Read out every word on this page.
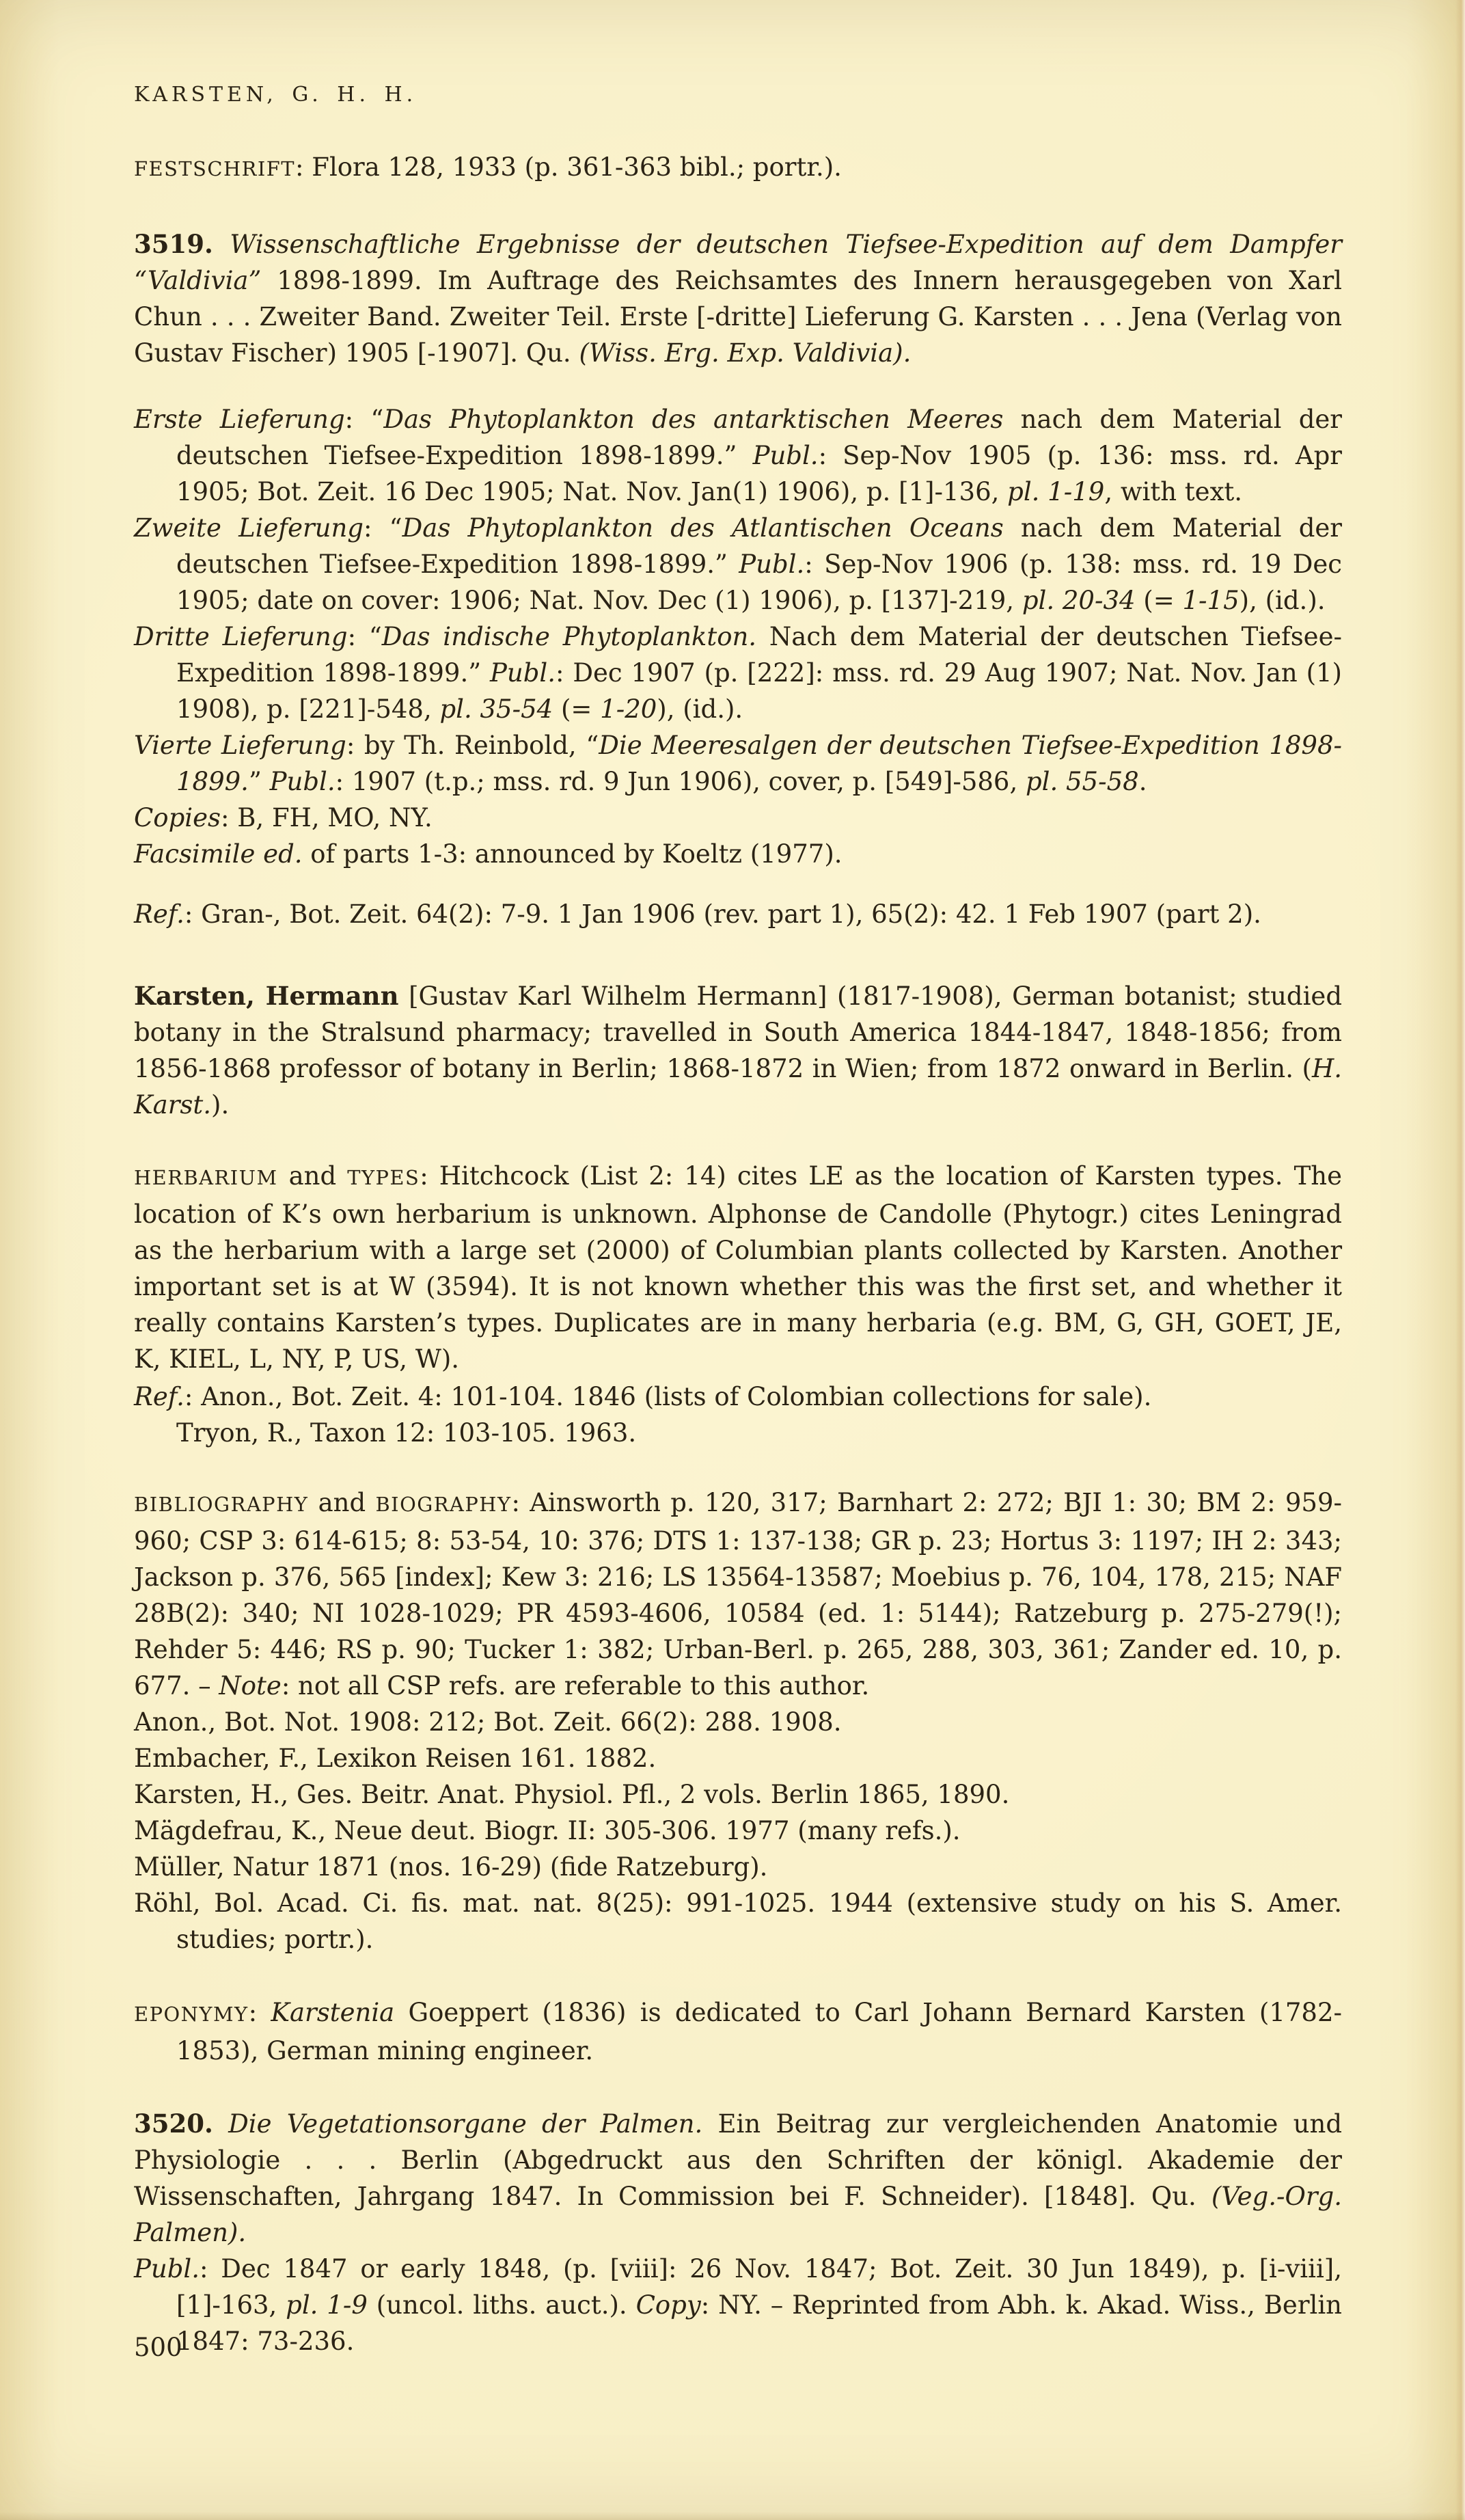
KARSTEN, G. H. H.
FESTSCHRIFT: Flora 128, 1933 (p. 361-363 bibl.; portr.).
3519. Wissenschaftliche Ergebnisse der deutschen Tiefsee-Expedition auf dem Dampfer “Valdivia” 1898-1899. Im Auftrage des Reichsamtes des Innern herausgegeben von Xarl Chun . . . Zweiter Band. Zweiter Teil. Erste [-dritte] Lieferung G. Karsten . . . Jena (Verlag von Gustav Fischer) 1905 [-1907]. Qu. (Wiss. Erg. Exp. Valdivia).
Erste Lieferung: “Das Phytoplankton des antarktischen Meeres nach dem Material der deutschen Tiefsee-Expedition 1898-1899.” Publ.: Sep-Nov 1905 (p. 136: mss. rd. Apr 1905; Bot. Zeit. 16 Dec 1905; Nat. Nov. Jan(1) 1906), p. [1]-136, pl. 1-19, with text.
Zweite Lieferung: “Das Phytoplankton des Atlantischen Oceans nach dem Material der deutschen Tiefsee-Expedition 1898-1899.” Publ.: Sep-Nov 1906 (p. 138: mss. rd. 19 Dec 1905; date on cover: 1906; Nat. Nov. Dec (1) 1906), p. [137]-219, pl. 20-34 (= 1-15), (id.).
Dritte Lieferung: “Das indische Phytoplankton. Nach dem Material der deutschen Tiefsee-Expedition 1898-1899.” Publ.: Dec 1907 (p. [222]: mss. rd. 29 Aug 1907; Nat. Nov. Jan (1) 1908), p. [221]-548, pl. 35-54 (= 1-20), (id.).
Vierte Lieferung: by Th. Reinbold, “Die Meeresalgen der deutschen Tiefsee-Expedition 1898-1899.” Publ.: 1907 (t.p.; mss. rd. 9 Jun 1906), cover, p. [549]-586, pl. 55-58.
Copies: B, FH, MO, NY.
Facsimile ed. of parts 1-3: announced by Koeltz (1977).
Ref.: Gran-, Bot. Zeit. 64(2): 7-9. 1 Jan 1906 (rev. part 1), 65(2): 42. 1 Feb 1907 (part 2).
Karsten, Hermann [Gustav Karl Wilhelm Hermann] (1817-1908), German botanist; studied botany in the Stralsund pharmacy; travelled in South America 1844-1847, 1848-1856; from 1856-1868 professor of botany in Berlin; 1868-1872 in Wien; from 1872 onward in Berlin. (H. Karst.).
HERBARIUM and TYPES: Hitchcock (List 2: 14) cites LE as the location of Karsten types. The location of K’s own herbarium is unknown. Alphonse de Candolle (Phytogr.) cites Leningrad as the herbarium with a large set (2000) of Columbian plants collected by Karsten. Another important set is at W (3594). It is not known whether this was the first set, and whether it really contains Karsten’s types. Duplicates are in many herbaria (e.g. BM, G, GH, GOET, JE, K, KIEL, L, NY, P, US, W).
Ref.: Anon., Bot. Zeit. 4: 101-104. 1846 (lists of Colombian collections for sale).
Tryon, R., Taxon 12: 103-105. 1963.
BIBLIOGRAPHY and BIOGRAPHY: Ainsworth p. 120, 317; Barnhart 2: 272; BJI 1: 30; BM 2: 959-960; CSP 3: 614-615; 8: 53-54, 10: 376; DTS 1: 137-138; GR p. 23; Hortus 3: 1197; IH 2: 343; Jackson p. 376, 565 [index]; Kew 3: 216; LS 13564-13587; Moebius p. 76, 104, 178, 215; NAF 28B(2): 340; NI 1028-1029; PR 4593-4606, 10584 (ed. 1: 5144); Ratzeburg p. 275-279(!); Rehder 5: 446; RS p. 90; Tucker 1: 382; Urban-Berl. p. 265, 288, 303, 361; Zander ed. 10, p. 677. – Note: not all CSP refs. are referable to this author.
Anon., Bot. Not. 1908: 212; Bot. Zeit. 66(2): 288. 1908.
Embacher, F., Lexikon Reisen 161. 1882.
Karsten, H., Ges. Beitr. Anat. Physiol. Pfl., 2 vols. Berlin 1865, 1890.
Mägdefrau, K., Neue deut. Biogr. II: 305-306. 1977 (many refs.).
Müller, Natur 1871 (nos. 16-29) (fide Ratzeburg).
Röhl, Bol. Acad. Ci. fis. mat. nat. 8(25): 991-1025. 1944 (extensive study on his S. Amer. studies; portr.).
EPONYMY: Karstenia Goeppert (1836) is dedicated to Carl Johann Bernard Karsten (1782-1853), German mining engineer.
3520. Die Vegetationsorgane der Palmen. Ein Beitrag zur vergleichenden Anatomie und Physiologie . . . Berlin (Abgedruckt aus den Schriften der königl. Akademie der Wissenschaften, Jahrgang 1847. In Commission bei F. Schneider). [1848]. Qu. (Veg.-Org. Palmen).
Publ.: Dec 1847 or early 1848, (p. [viii]: 26 Nov. 1847; Bot. Zeit. 30 Jun 1849), p. [i-viii], [1]-163, pl. 1-9 (uncol. liths. auct.). Copy: NY. – Reprinted from Abh. k. Akad. Wiss., Berlin 1847: 73-236.
500
